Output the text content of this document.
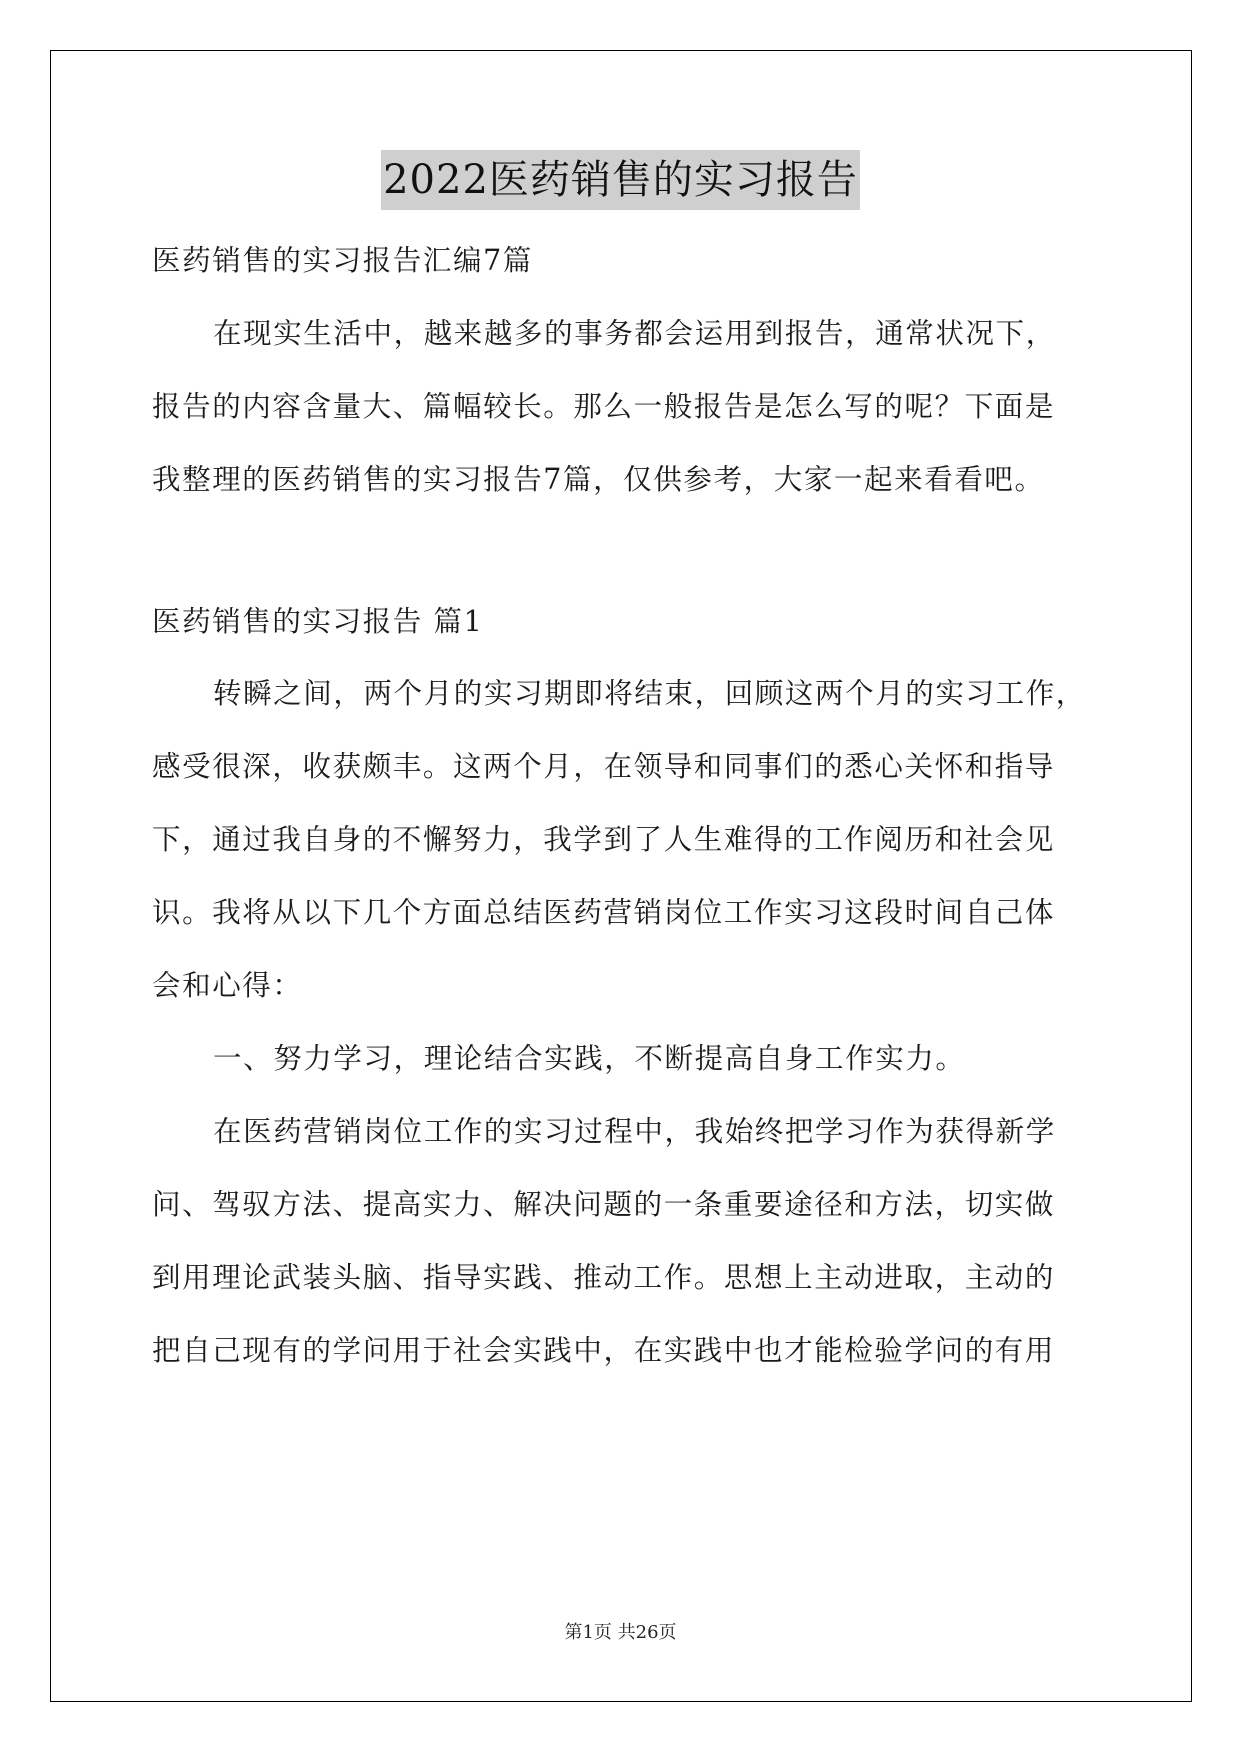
2022医药销售的实习报告

医药销售的实习报告汇编7篇

在现实生活中，越来越多的事务都会运用到报告，通常状况下，

报告的内容含量大、篇幅较长。那么一般报告是怎么写的呢？下面是

我整理的医药销售的实习报告7篇，仅供参考，大家一起来看看吧。

医药销售的实习报告 篇1

转瞬之间，两个月的实习期即将结束，回顾这两个月的实习工作，

感受很深，收获颇丰。这两个月，在领导和同事们的悉心关怀和指导

下，通过我自身的不懈努力，我学到了人生难得的工作阅历和社会见

识。我将从以下几个方面总结医药营销岗位工作实习这段时间自己体

会和心得：

一、努力学习，理论结合实践，不断提高自身工作实力。

在医药营销岗位工作的实习过程中，我始终把学习作为获得新学

问、驾驭方法、提高实力、解决问题的一条重要途径和方法，切实做

到用理论武装头脑、指导实践、推动工作。思想上主动进取，主动的

把自己现有的学问用于社会实践中，在实践中也才能检验学问的有用

第1页 共26页
